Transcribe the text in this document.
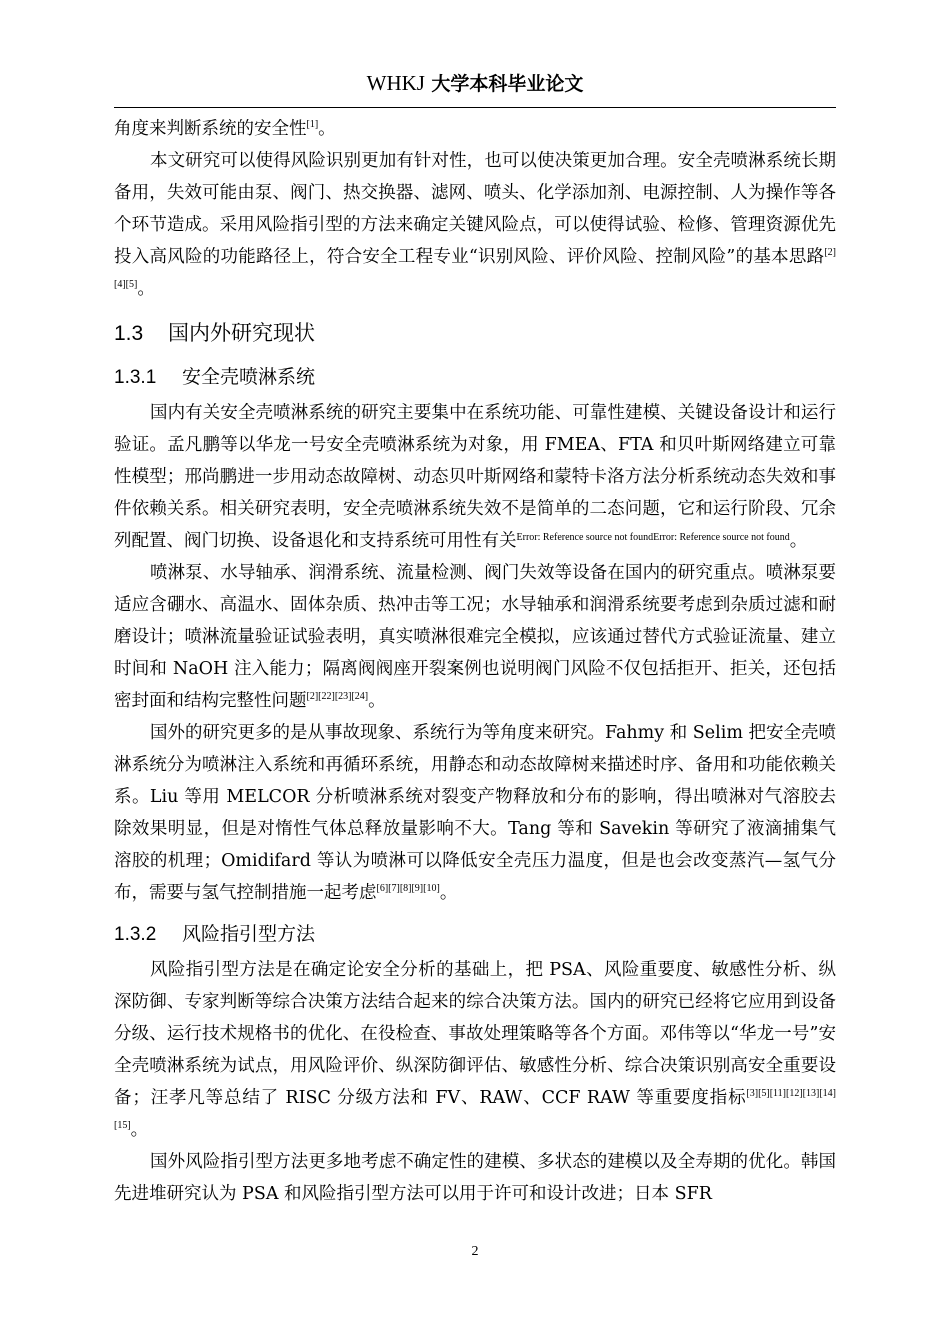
WHKJ 大学本科毕业论文

角度来判断系统的安全性[1]。

本文研究可以使得风险识别更加有针对性，也可以使决策更加合理。安全壳喷淋系统长期备用，失效可能由泵、阀门、热交换器、滤网、喷头、化学添加剂、电源控制、人为操作等各个环节造成。采用风险指引型的方法来确定关键风险点，可以使得试验、检修、管理资源优先投入高风险的功能路径上，符合安全工程专业“识别风险、评价风险、控制风险”的基本思路[2][4][5]。

1.3 国内外研究现状
1.3.1 安全壳喷淋系统

国内有关安全壳喷淋系统的研究主要集中在系统功能、可靠性建模、关键设备设计和运行验证。孟凡鹏等以华龙一号安全壳喷淋系统为对象，用 FMEA、FTA 和贝叶斯网络建立可靠性模型；邢尚鹏进一步用动态故障树、动态贝叶斯网络和蒙特卡洛方法分析系统动态失效和事件依赖关系。相关研究表明，安全壳喷淋系统失效不是简单的二态问题，它和运行阶段、冗余列配置、阀门切换、设备退化和支持系统可用性有关$^{Error: Reference source not foundError: Reference source not found}$。

喷淋泵、水导轴承、润滑系统、流量检测、阀门失效等设备在国内的研究重点。喷淋泵要适应含硼水、高温水、固体杂质、热冲击等工况；水导轴承和润滑系统要考虑到杂质过滤和耐磨设计；喷淋流量验证试验表明，真实喷淋很难完全模拟，应该通过替代方式验证流量、建立时间和 NaOH 注入能力；隔离阀阀座开裂案例也说明阀门风险不仅包括拒开、拒关，还包括密封面和结构完整性问题[2][22][23][24]。

国外的研究更多的是从事故现象、系统行为等角度来研究。Fahmy 和 Selim 把安全壳喷淋系统分为喷淋注入系统和再循环系统，用静态和动态故障树来描述时序、备用和功能依赖关系。Liu 等用 MELCOR 分析喷淋系统对裂变产物释放和分布的影响，得出喷淋对气溶胶去除效果明显，但是对惰性气体总释放量影响不大。Tang 等和 Savekin 等研究了液滴捕集气溶胶的机理；Omidifard 等认为喷淋可以降低安全壳压力温度，但是也会改变蒸汽—氢气分布，需要与氢气控制措施一起考虑[6][7][8][9][10]。

1.3.2 风险指引型方法

风险指引型方法是在确定论安全分析的基础上，把 PSA、风险重要度、敏感性分析、纵深防御、专家判断等综合决策方法结合起来的综合决策方法。国内的研究已经将它应用到设备分级、运行技术规格书的优化、在役检查、事故处理策略等各个方面。邓伟等以“华龙一号”安全壳喷淋系统为试点，用风险评价、纵深防御评估、敏感性分析、综合决策识别高安全重要设备；汪孝凡等总结了 RISC 分级方法和 FV、RAW、CCF RAW 等重要度指标[3][5][11][12][13][14][15]。

国外风险指引型方法更多地考虑不确定性的建模、多状态的建模以及全寿期的优化。韩国先进堆研究认为 PSA 和风险指引型方法可以用于许可和设计改进；日本 SFR

2
